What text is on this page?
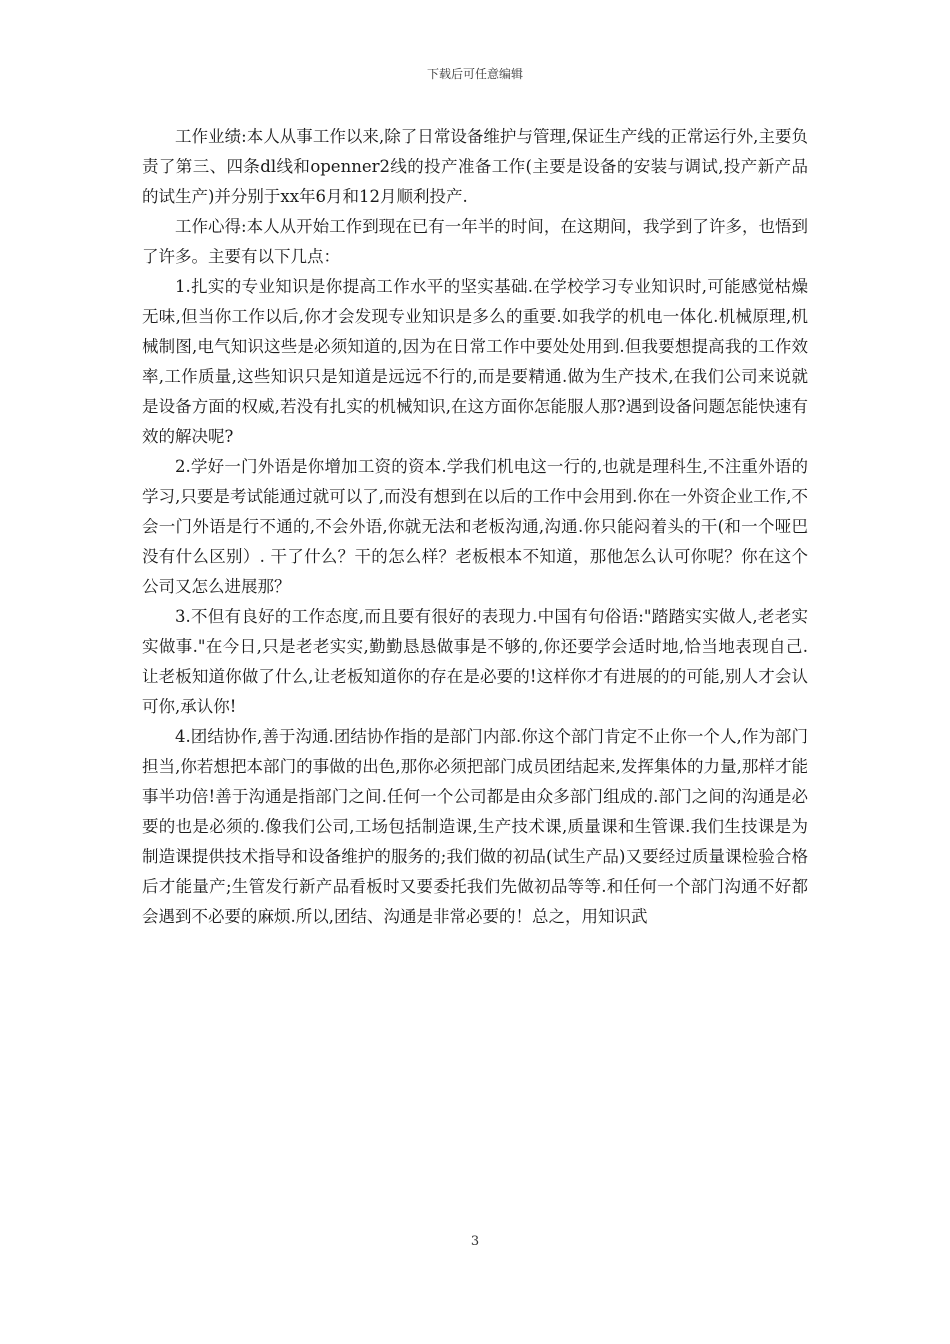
下载后可任意编辑

工作业绩:本人从事工作以来,除了日常设备维护与管理,保证生产线的正常运行外,主要负责了第三、四条dl线和openner2线的投产准备工作(主要是设备的安装与调试,投产新产品的试生产)并分别于xx年6月和12月顺利投产.

工作心得:本人从开始工作到现在已有一年半的时间，在这期间，我学到了许多，也悟到了许多。主要有以下几点：

1.扎实的专业知识是你提高工作水平的坚实基础.在学校学习专业知识时,可能感觉枯燥无味,但当你工作以后,你才会发现专业知识是多么的重要.如我学的机电一体化.机械原理,机械制图,电气知识这些是必须知道的,因为在日常工作中要处处用到.但我要想提高我的工作效率,工作质量,这些知识只是知道是远远不行的,而是要精通.做为生产技术,在我们公司来说就是设备方面的权威,若没有扎实的机械知识,在这方面你怎能服人那?遇到设备问题怎能快速有效的解决呢?

2.学好一门外语是你增加工资的资本.学我们机电这一行的,也就是理科生,不注重外语的学习,只要是考试能通过就可以了,而没有想到在以后的工作中会用到.你在一外资企业工作,不会一门外语是行不通的,不会外语,你就无法和老板沟通,沟通.你只能闷着头的干(和一个哑巴没有什么区别）. 干了什么？干的怎么样？老板根本不知道，那他怎么认可你呢？你在这个公司又怎么进展那？

3.不但有良好的工作态度,而且要有很好的表现力.中国有句俗语:"踏踏实实做人,老老实实做事."在今日,只是老老实实,勤勤恳恳做事是不够的,你还要学会适时地,恰当地表现自己.让老板知道你做了什么,让老板知道你的存在是必要的!这样你才有进展的的可能,别人才会认可你,承认你!

4.团结协作,善于沟通.团结协作指的是部门内部.你这个部门肯定不止你一个人,作为部门担当,你若想把本部门的事做的出色,那你必须把部门成员团结起来,发挥集体的力量,那样才能事半功倍!善于沟通是指部门之间.任何一个公司都是由众多部门组成的.部门之间的沟通是必要的也是必须的.像我们公司,工场包括制造课,生产技术课,质量课和生管课.我们生技课是为制造课提供技术指导和设备维护的服务的;我们做的初品(试生产品)又要经过质量课检验合格后才能量产;生管发行新产品看板时又要委托我们先做初品等等.和任何一个部门沟通不好都会遇到不必要的麻烦.所以,团结、沟通是非常必要的！总之，用知识武

3
